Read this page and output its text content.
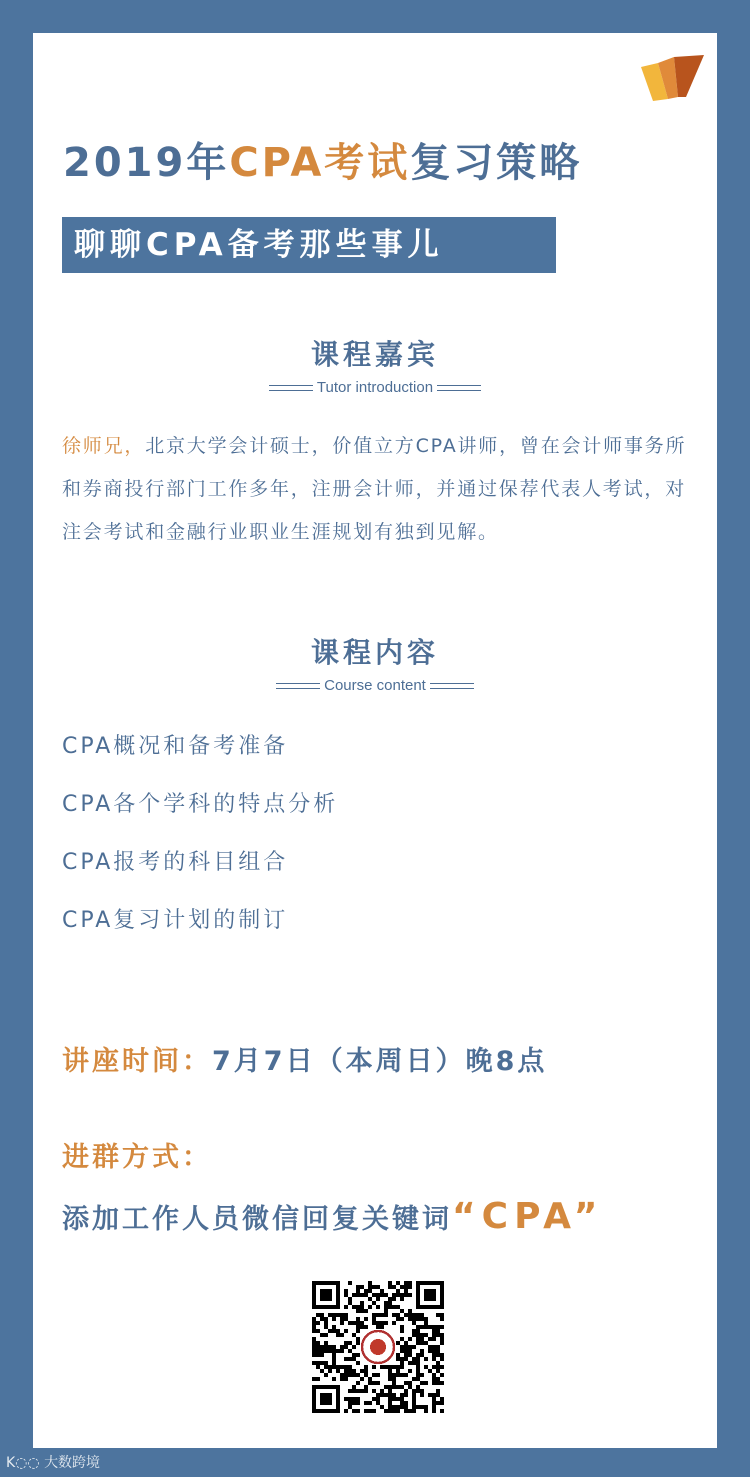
2019年CPA考试复习策略
聊聊CPA备考那些事儿
课程嘉宾
Tutor introduction
徐师兄，北京大学会计硕士，价值立方CPA讲师，曾在会计师事务所和券商投行部门工作多年，注册会计师，并通过保荐代表人考试，对注会考试和金融行业职业生涯规划有独到见解。
课程内容
Course content
CPA概况和备考准备
CPA各个学科的特点分析
CPA报考的科目组合
CPA复习计划的制订
讲座时间：7月7日（本周日）晚8点
进群方式：
添加工作人员微信回复关键词“CPA”
K◌◌ 大数跨境
